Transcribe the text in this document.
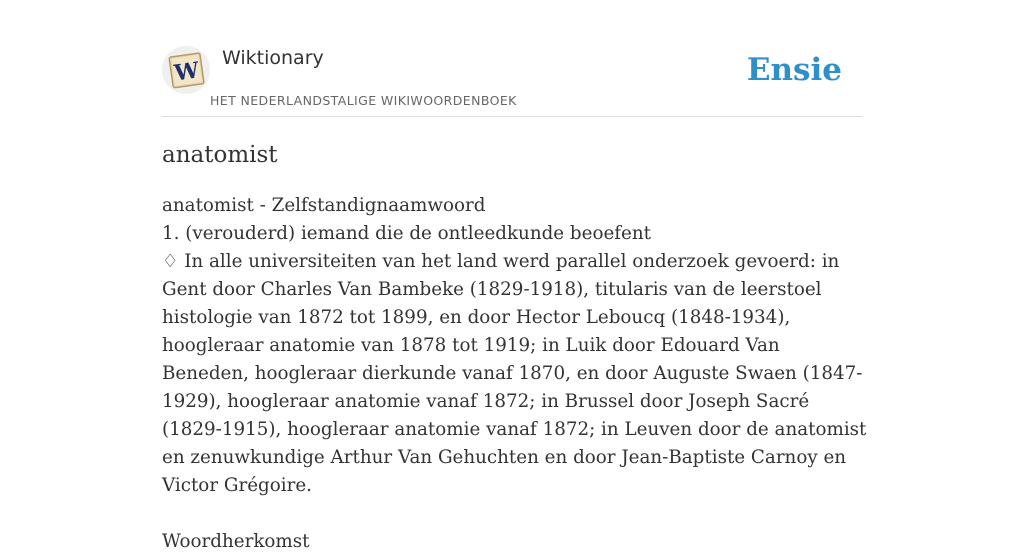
W Wiktionary
HET NEDERLANDSTALIGE WIKIWOORDENBOEK
Ensie
anatomist

anatomist - Zelfstandignaamwoord

1. (verouderd) iemand die de ontleedkunde beoefent

♢ In alle universiteiten van het land werd parallel onderzoek gevoerd: in Gent door Charles Van Bambeke (1829-1918), titularis van de leerstoel histologie van 1872 tot 1899, en door Hector Leboucq (1848-1934), hoogleraar anatomie van 1878 tot 1919; in Luik door Edouard Van Beneden, hoogleraar dierkunde vanaf 1870, en door Auguste Swaen (1847-1929), hoogleraar anatomie vanaf 1872; in Brussel door Joseph Sacré (1829-1915), hoogleraar anatomie vanaf 1872; in Leuven door de anatomist en zenuwkundige Arthur Van Gehuchten en door Jean-Baptiste Carnoy en Victor Grégoire.

Woordherkomst
